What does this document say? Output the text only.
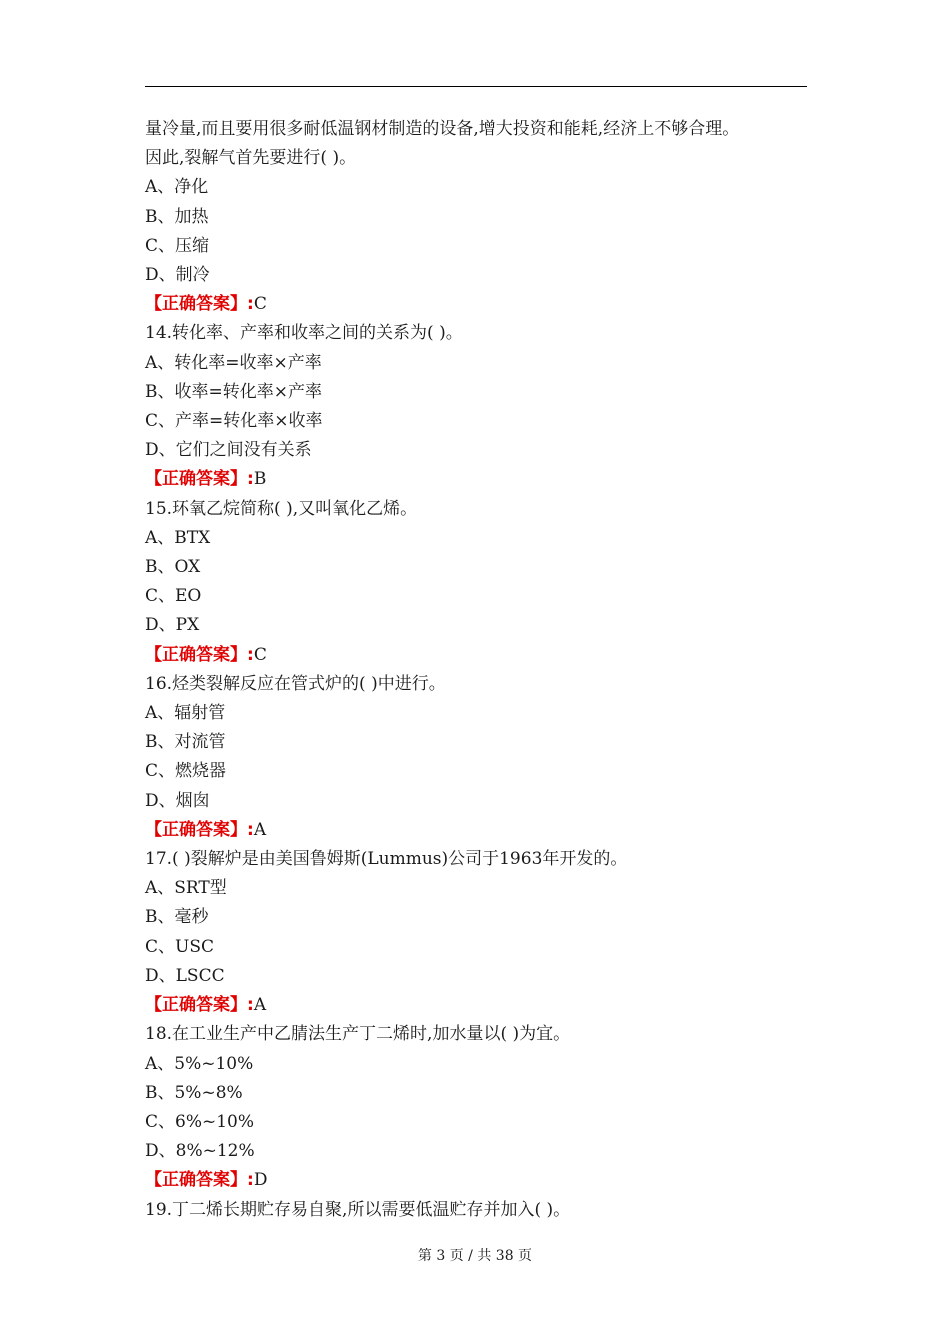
量冷量,而且要用很多耐低温钢材制造的设备,增大投资和能耗,经济上不够合理。
因此,裂解气首先要进行( )。
A、净化
B、加热
C、压缩
D、制冷
【正确答案】:C
14.转化率、产率和收率之间的关系为( )。
A、转化率=收率×产率
B、收率=转化率×产率
C、产率=转化率×收率
D、它们之间没有关系
【正确答案】:B
15.环氧乙烷简称( ),又叫氧化乙烯。
A、BTX
B、OX
C、EO
D、PX
【正确答案】:C
16.烃类裂解反应在管式炉的( )中进行。
A、辐射管
B、对流管
C、燃烧器
D、烟囱
【正确答案】:A
17.( )裂解炉是由美国鲁姆斯(Lummus)公司于1963年开发的。
A、SRT型
B、毫秒
C、USC
D、LSCC
【正确答案】:A
18.在工业生产中乙腈法生产丁二烯时,加水量以( )为宜。
A、5%~10%
B、5%~8%
C、6%~10%
D、8%~12%
【正确答案】:D
19.丁二烯长期贮存易自聚,所以需要低温贮存并加入( )。
第 3 页 / 共 38 页
